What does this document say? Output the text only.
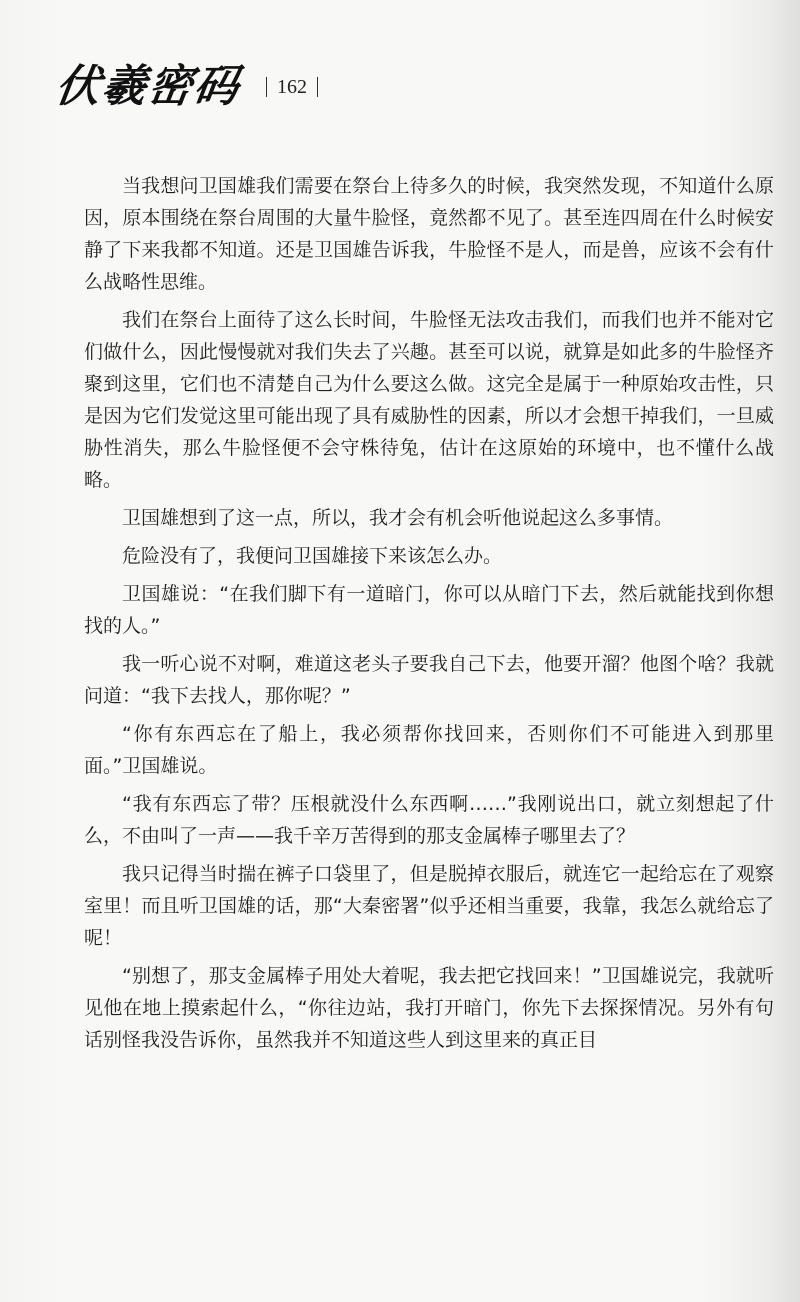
伏羲密码 162

当我想问卫国雄我们需要在祭台上待多久的时候，我突然发现，不知道什么原因，原本围绕在祭台周围的大量牛脸怪，竟然都不见了。甚至连四周在什么时候安静了下来我都不知道。还是卫国雄告诉我，牛脸怪不是人，而是兽，应该不会有什么战略性思维。

我们在祭台上面待了这么长时间，牛脸怪无法攻击我们，而我们也并不能对它们做什么，因此慢慢就对我们失去了兴趣。甚至可以说，就算是如此多的牛脸怪齐聚到这里，它们也不清楚自己为什么要这么做。这完全是属于一种原始攻击性，只是因为它们发觉这里可能出现了具有威胁性的因素，所以才会想干掉我们，一旦威胁性消失，那么牛脸怪便不会守株待兔，估计在这原始的环境中，也不懂什么战略。

卫国雄想到了这一点，所以，我才会有机会听他说起这么多事情。

危险没有了，我便问卫国雄接下来该怎么办。

卫国雄说：“在我们脚下有一道暗门，你可以从暗门下去，然后就能找到你想找的人。”

我一听心说不对啊，难道这老头子要我自己下去，他要开溜？他图个啥？我就问道：“我下去找人，那你呢？”

“你有东西忘在了船上，我必须帮你找回来，否则你们不可能进入到那里面。”卫国雄说。

“我有东西忘了带？压根就没什么东西啊……”我刚说出口，就立刻想起了什么，不由叫了一声——我千辛万苦得到的那支金属棒子哪里去了？

我只记得当时揣在裤子口袋里了，但是脱掉衣服后，就连它一起给忘在了观察室里！而且听卫国雄的话，那“大秦密署”似乎还相当重要，我靠，我怎么就给忘了呢！

“别想了，那支金属棒子用处大着呢，我去把它找回来！”卫国雄说完，我就听见他在地上摸索起什么，“你往边站，我打开暗门，你先下去探探情况。另外有句话别怪我没告诉你，虽然我并不知道这些人到这里来的真正目
